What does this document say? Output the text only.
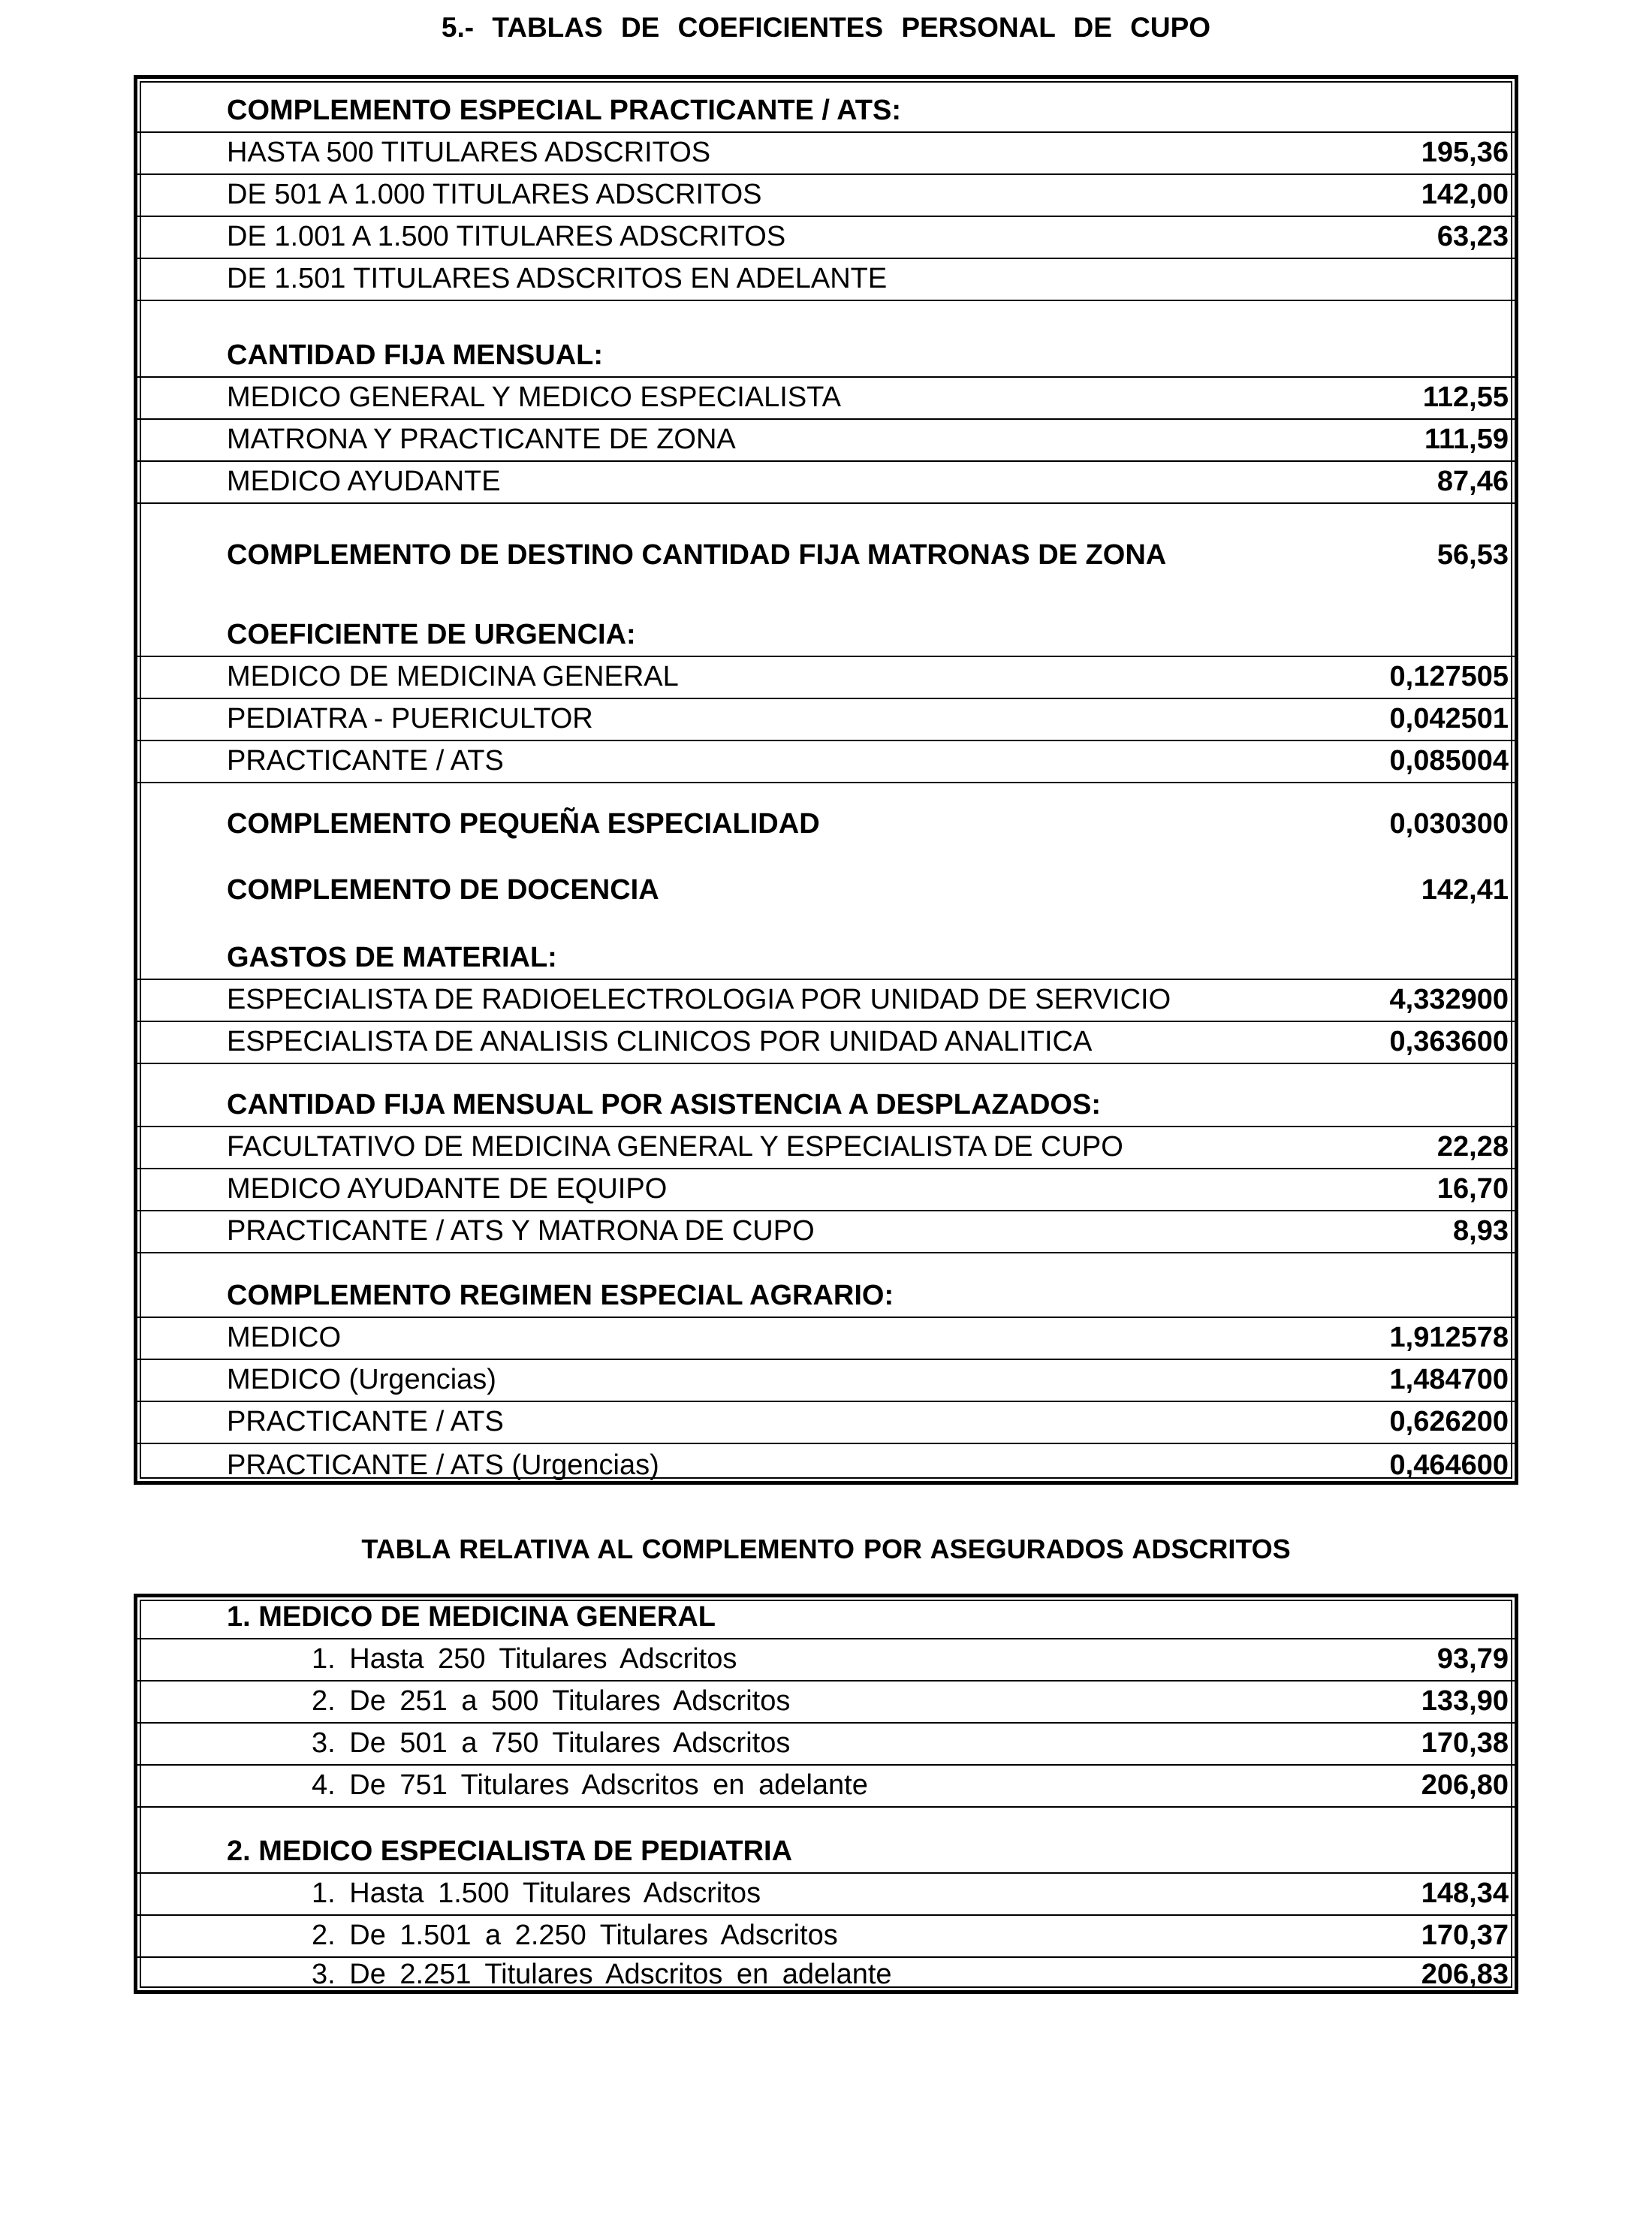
5.- TABLAS DE COEFICIENTES PERSONAL DE CUPO
COMPLEMENTO ESPECIAL PRACTICANTE / ATS:
HASTA 500 TITULARES ADSCRITOS	195,36
DE 501 A 1.000 TITULARES ADSCRITOS	142,00
DE 1.001 A 1.500 TITULARES ADSCRITOS	63,23
DE 1.501 TITULARES ADSCRITOS EN ADELANTE
CANTIDAD FIJA MENSUAL:
MEDICO GENERAL Y MEDICO ESPECIALISTA	112,55
MATRONA Y PRACTICANTE DE ZONA	111,59
MEDICO AYUDANTE	87,46
COMPLEMENTO DE DESTINO CANTIDAD FIJA MATRONAS DE ZONA	56,53
COEFICIENTE DE URGENCIA:
MEDICO DE MEDICINA GENERAL	0,127505
PEDIATRA - PUERICULTOR	0,042501
PRACTICANTE / ATS	0,085004
COMPLEMENTO PEQUEÑA ESPECIALIDAD	0,030300
COMPLEMENTO DE DOCENCIA	142,41
GASTOS DE MATERIAL:
ESPECIALISTA DE RADIOELECTROLOGIA POR UNIDAD DE SERVICIO	4,332900
ESPECIALISTA DE ANALISIS CLINICOS POR UNIDAD ANALITICA	0,363600
CANTIDAD FIJA MENSUAL POR ASISTENCIA A DESPLAZADOS:
FACULTATIVO DE MEDICINA GENERAL Y ESPECIALISTA DE CUPO	22,28
MEDICO AYUDANTE DE EQUIPO	16,70
PRACTICANTE / ATS Y MATRONA DE CUPO	8,93
COMPLEMENTO REGIMEN ESPECIAL AGRARIO:
MEDICO	1,912578
MEDICO (Urgencias)	1,484700
PRACTICANTE / ATS	0,626200
PRACTICANTE / ATS (Urgencias)	0,464600
TABLA RELATIVA AL COMPLEMENTO POR ASEGURADOS ADSCRITOS
1. MEDICO DE MEDICINA GENERAL
1. Hasta 250 Titulares Adscritos	93,79
2. De 251 a 500 Titulares Adscritos	133,90
3. De 501 a 750 Titulares Adscritos	170,38
4. De 751 Titulares Adscritos en adelante	206,80
2. MEDICO ESPECIALISTA DE PEDIATRIA
1. Hasta 1.500 Titulares Adscritos	148,34
2. De 1.501 a 2.250 Titulares Adscritos	170,37
3. De 2.251 Titulares Adscritos en adelante	206,83
